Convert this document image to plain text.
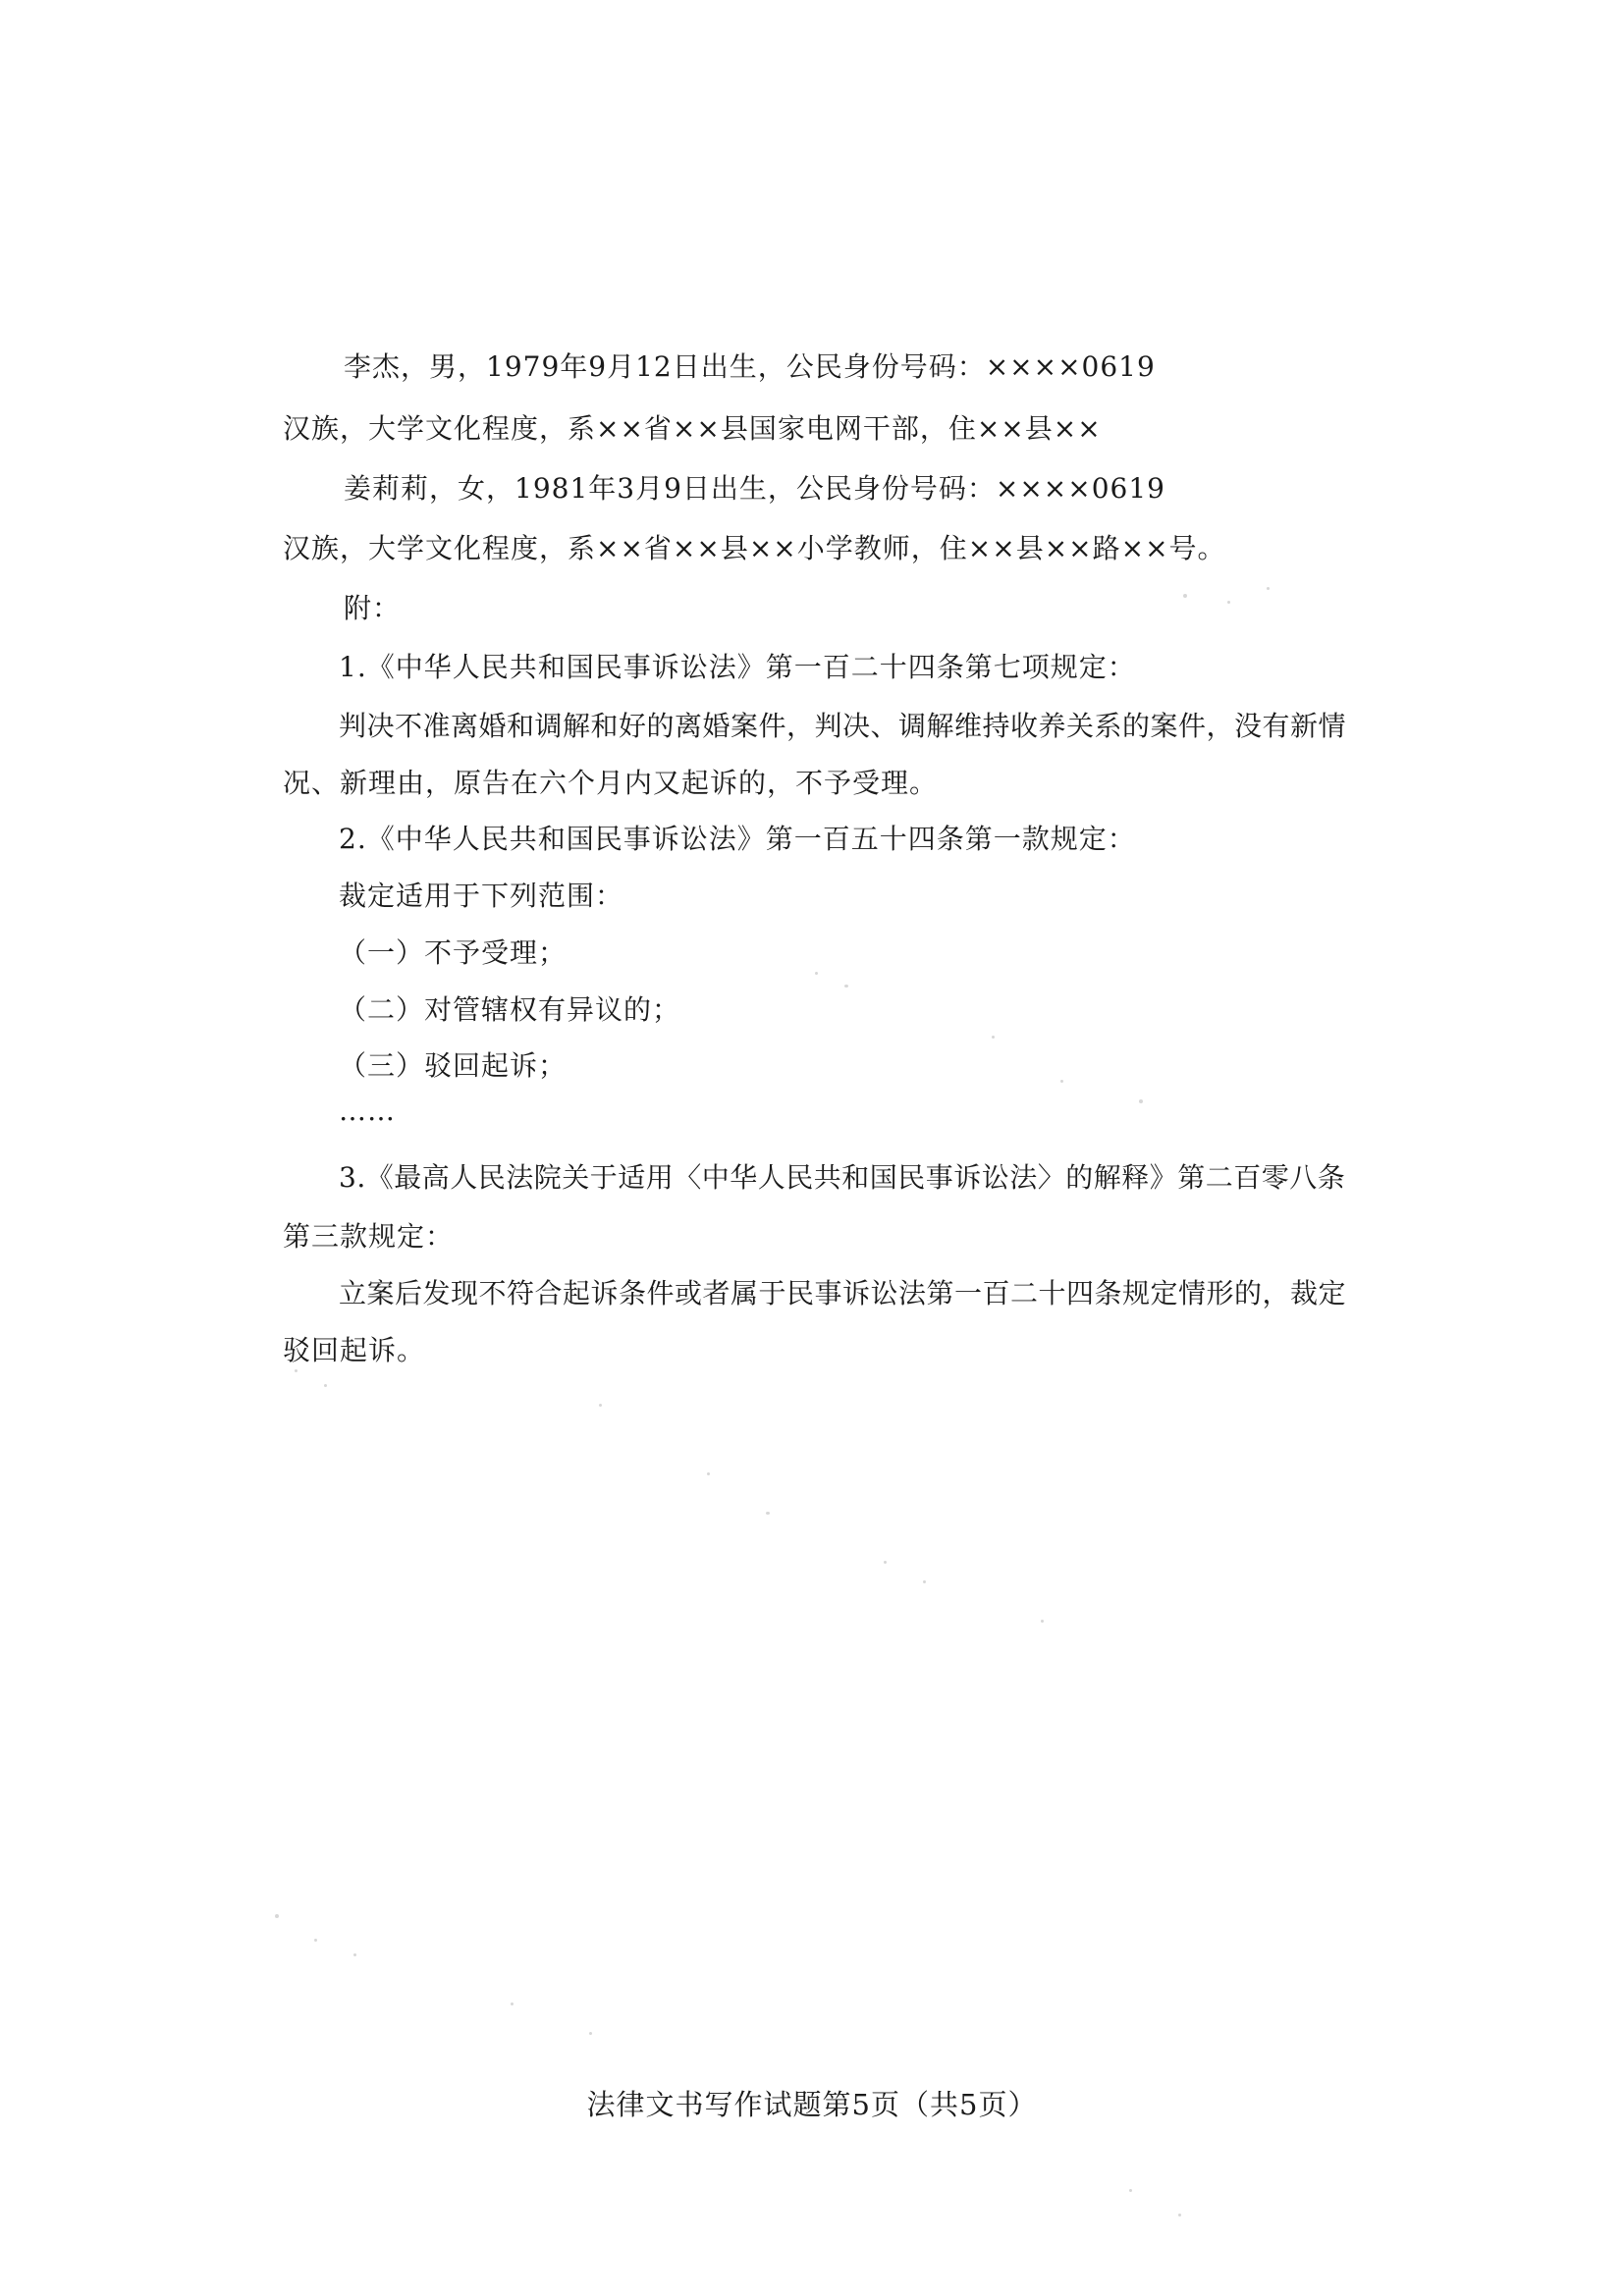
李杰，男，1979年9月12日出生，公民身份号码：××××0619
汉族，大学文化程度，系××省××县国家电网干部，住××县××
姜莉莉，女，1981年3月9日出生，公民身份号码：××××0619
汉族，大学文化程度，系××省××县××小学教师，住××县××路××号。
附：
1.《中华人民共和国民事诉讼法》第一百二十四条第七项规定：
判决不准离婚和调解和好的离婚案件，判决、调解维持收养关系的案件，没有新情
况、新理由，原告在六个月内又起诉的，不予受理。
2.《中华人民共和国民事诉讼法》第一百五十四条第一款规定：
裁定适用于下列范围：
（一）不予受理；
（二）对管辖权有异议的；
（三）驳回起诉；
……
3.《最高人民法院关于适用〈中华人民共和国民事诉讼法〉的解释》第二百零八条
第三款规定：
立案后发现不符合起诉条件或者属于民事诉讼法第一百二十四条规定情形的，裁定
驳回起诉。
法律文书写作试题第5页（共5页）
